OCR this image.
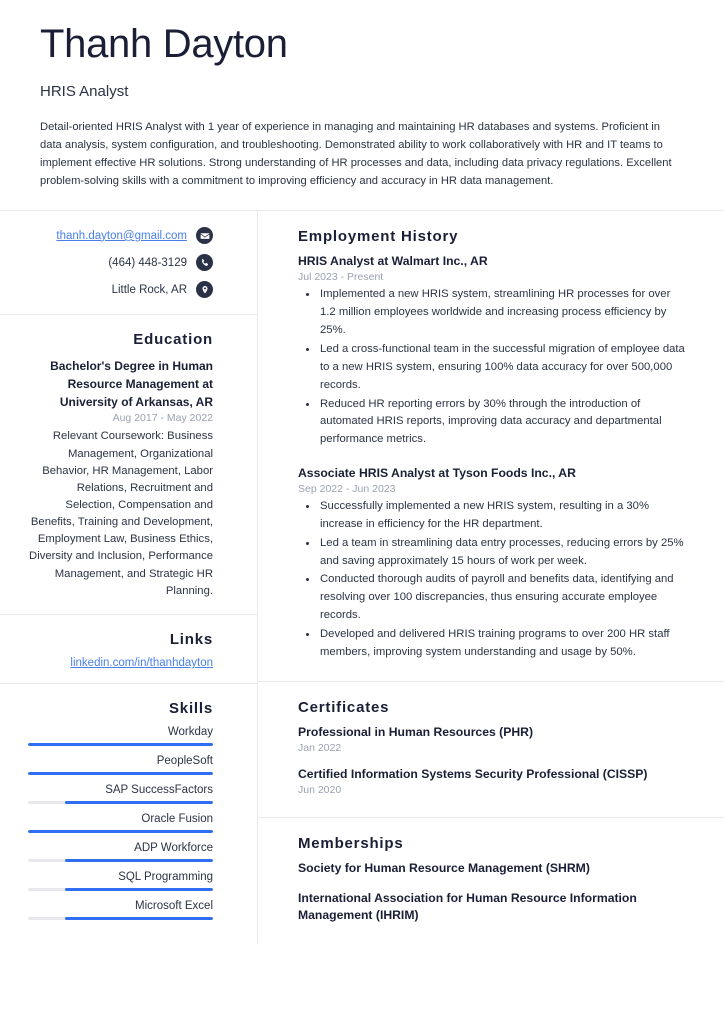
Thanh Dayton
HRIS Analyst
Detail-oriented HRIS Analyst with 1 year of experience in managing and maintaining HR databases and systems. Proficient in data analysis, system configuration, and troubleshooting. Demonstrated ability to work collaboratively with HR and IT teams to implement effective HR solutions. Strong understanding of HR processes and data, including data privacy regulations. Excellent problem-solving skills with a commitment to improving efficiency and accuracy in HR data management.
thanh.dayton@gmail.com
(464) 448-3129
Little Rock, AR
Education
Bachelor's Degree in Human Resource Management at University of Arkansas, AR
Aug 2017 - May 2022
Relevant Coursework: Business Management, Organizational Behavior, HR Management, Labor Relations, Recruitment and Selection, Compensation and Benefits, Training and Development, Employment Law, Business Ethics, Diversity and Inclusion, Performance Management, and Strategic HR Planning.
Links
linkedin.com/in/thanhdayton
Skills
Workday
PeopleSoft
SAP SuccessFactors
Oracle Fusion
ADP Workforce
SQL Programming
Microsoft Excel
Employment History
HRIS Analyst at Walmart Inc., AR
Jul 2023 - Present
Implemented a new HRIS system, streamlining HR processes for over 1.2 million employees worldwide and increasing process efficiency by 25%.
Led a cross-functional team in the successful migration of employee data to a new HRIS system, ensuring 100% data accuracy for over 500,000 records.
Reduced HR reporting errors by 30% through the introduction of automated HRIS reports, improving data accuracy and departmental performance metrics.
Associate HRIS Analyst at Tyson Foods Inc., AR
Sep 2022 - Jun 2023
Successfully implemented a new HRIS system, resulting in a 30% increase in efficiency for the HR department.
Led a team in streamlining data entry processes, reducing errors by 25% and saving approximately 15 hours of work per week.
Conducted thorough audits of payroll and benefits data, identifying and resolving over 100 discrepancies, thus ensuring accurate employee records.
Developed and delivered HRIS training programs to over 200 HR staff members, improving system understanding and usage by 50%.
Certificates
Professional in Human Resources (PHR)
Jan 2022
Certified Information Systems Security Professional (CISSP)
Jun 2020
Memberships
Society for Human Resource Management (SHRM)
International Association for Human Resource Information Management (IHRIM)
